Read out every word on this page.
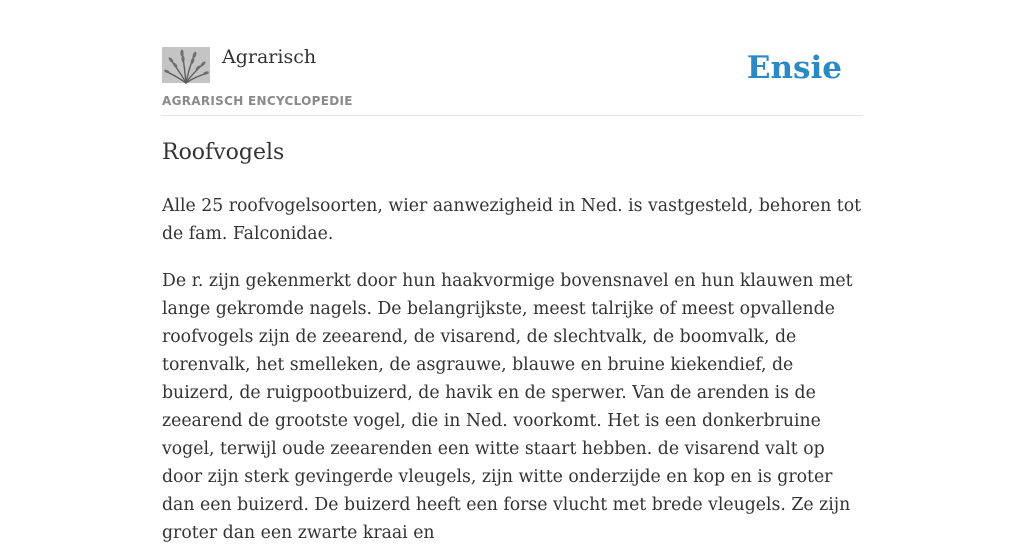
Agrarisch
AGRARISCH ENCYCLOPEDIE
Ensie
Roofvogels

Alle 25 roofvogelsoorten, wier aanwezigheid in Ned. is vastgesteld, behoren tot de fam. Falconidae.

De r. zijn gekenmerkt door hun haakvormige bovensnavel en hun klauwen met lange gekromde nagels. De belangrijkste, meest talrijke of meest opvallende roofvogels zijn de zeearend, de visarend, de slechtvalk, de boomvalk, de torenvalk, het smelleken, de asgrauwe, blauwe en bruine kiekendief, de buizerd, de ruigpootbuizerd, de havik en de sperwer. Van de arenden is de zeearend de grootste vogel, die in Ned. voorkomt. Het is een donkerbruine vogel, terwijl oude zeearenden een witte staart hebben. de visarend valt op door zijn sterk gevingerde vleugels, zijn witte onderzijde en kop en is groter dan een buizerd. De buizerd heeft een forse vlucht met brede vleugels. Ze zijn groter dan een zwarte kraai en
